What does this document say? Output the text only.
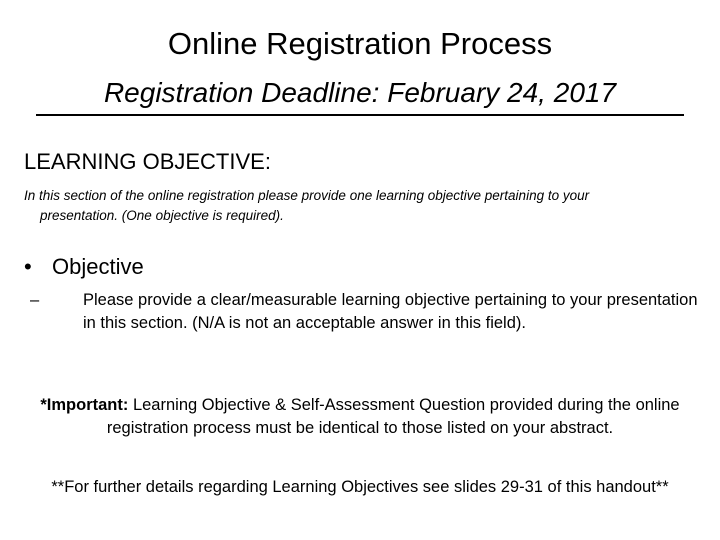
Online Registration Process
Registration Deadline: February 24, 2017
LEARNING OBJECTIVE:
In this section of the online registration please provide one learning objective pertaining to your
presentation. (One objective is required).
• Objective
–	Please provide a clear/measurable learning objective pertaining to your presentation in this section. (N/A is not an acceptable answer in this field).
*Important: Learning Objective & Self-Assessment Question provided during the online registration process must be identical to those listed on your abstract.
**For further details regarding Learning Objectives see slides 29-31 of this handout**
